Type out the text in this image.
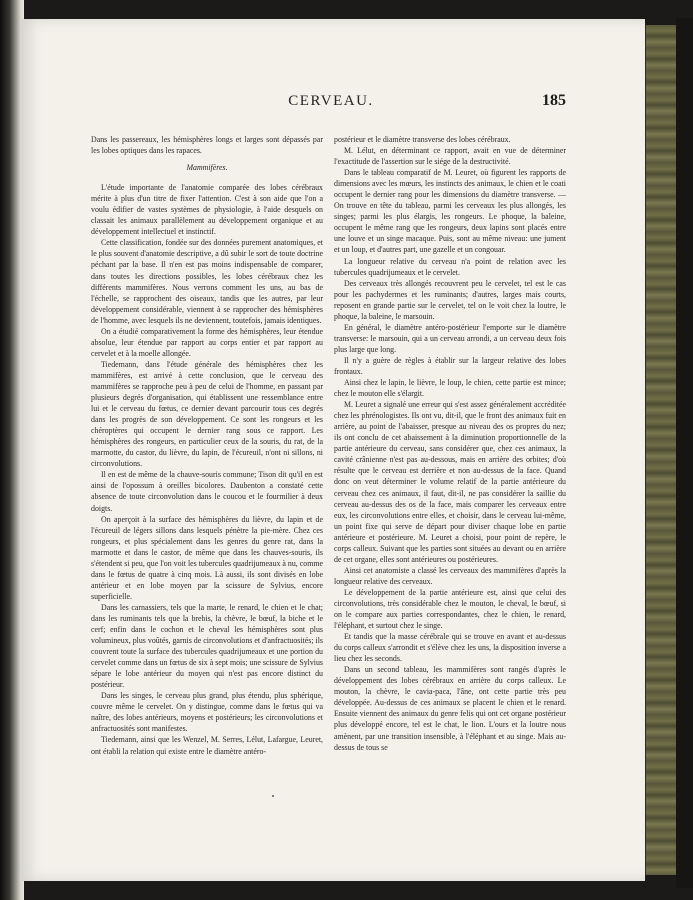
CERVEAU.	185

Dans les passereaux, les hémisphères longs et larges sont dépassés par les lobes optiques dans les rapaces.

Mammifères.

L'étude importante de l'anatomie comparée des lobes cérébraux mérite à plus d'un titre de fixer l'attention. C'est à son aide que l'on a voulu édifier de vastes systèmes de physiologie, à l'aide desquels on classait les animaux parallèlement au développement organique et au développement intellectuel et instinctif.

Cette classification, fondée sur des données purement anatomiques, et le plus souvent d'anatomie descriptive, a dû subir le sort de toute doctrine péchant par la base. Il n'en est pas moins indispensable de comparer, dans toutes les directions possibles, les lobes cérébraux chez les différents mammifères. Nous verrons comment les uns, au bas de l'échelle, se rapprochent des oiseaux, tandis que les autres, par leur développement considérable, viennent à se rapprocher des hémisphères de l'homme, avec lesquels ils ne deviennent, toutefois, jamais identiques.

On a étudié comparativement la forme des hémisphères, leur étendue absolue, leur étendue par rapport au corps entier et par rapport au cervelet et à la moelle allongée.

Tiedemann, dans l'étude générale des hémisphères chez les mammifères, est arrivé à cette conclusion, que le cerveau des mammifères se rapproche peu à peu de celui de l'homme, en passant par plusieurs degrés d'organisation, qui établissent une ressemblance entre lui et le cerveau du fœtus, ce dernier devant parcourir tous ces degrés dans les progrès de son développement. Ce sont les rongeurs et les chéroptères qui occupent le dernier rang sous ce rapport. Les hémisphères des rongeurs, en particulier ceux de la souris, du rat, de la marmotte, du castor, du lièvre, du lapin, de l'écureuil, n'ont ni sillons, ni circonvolutions.

Il en est de même de la chauve-souris commune; Tison dit qu'il en est ainsi de l'opossum à oreilles bicolores. Daubenton a constaté cette absence de toute circonvolution dans le coucou et le fourmilier à deux doigts.

On aperçoit à la surface des hémisphères du lièvre, du lapin et de l'écureuil de légers sillons dans lesquels pénètre la pie-mère. Chez ces rongeurs, et plus spécialement dans les genres du genre rat, dans la marmotte et dans le castor, de même que dans les chauves-souris, ils s'étendent si peu, que l'on voit les tubercules quadrijumeaux à nu, comme dans le fœtus de quatre à cinq mois. Là aussi, ils sont divisés en lobe antérieur et en lobe moyen par la scissure de Sylvius, encore superficielle.

Dans les carnassiers, tels que la marte, le renard, le chien et le chat; dans les ruminants tels que la brebis, la chèvre, le bœuf, la biche et le cerf; enfin dans le cochon et le cheval les hémisphères sont plus volumineux, plus voûtés, garnis de circonvolutions et d'anfractuosités; ils couvrent toute la surface des tubercules quadrijumeaux et une portion du cervelet comme dans un fœtus de six à sept mois; une scissure de Sylvius sépare le lobe antérieur du moyen qui n'est pas encore distinct du postérieur.

Dans les singes, le cerveau plus grand, plus étendu, plus sphérique, couvre même le cervelet. On y distingue, comme dans le fœtus qui va naître, des lobes antérieurs, moyens et postérieurs; les circonvolutions et anfractuosités sont manifestes.

Tiedemann, ainsi que les Wenzel, M. Serres, Lélut, Lafargue, Leuret, ont établi la relation qui existe entre le diamètre antéro-

postérieur et le diamètre transverse des lobes cérébraux.

M. Lélut, en déterminant ce rapport, avait en vue de déterminer l'exactitude de l'assertion sur le siége de la destructivité.

Dans le tableau comparatif de M. Leuret, où figurent les rapports de dimensions avec les mœurs, les instincts des animaux, le chien et le coati occupent le dernier rang pour les dimensions du diamètre transverse. — On trouve en tête du tableau, parmi les cerveaux les plus allongés, les singes; parmi les plus élargis, les rongeurs. Le phoque, la baleine, occupent le même rang que les rongeurs, deux lapins sont placés entre une louve et un singe macaque. Puis, sont au même niveau: une jument et un loup, et d'autres part, une gazelle et un congouar.

La longueur relative du cerveau n'a point de relation avec les tubercules quadrijumeaux et le cervelet.

Des cerveaux très allongés recouvrent peu le cervelet, tel est le cas pour les pachydermes et les ruminants; d'autres, larges mais courts, reposent en grande partie sur le cervelet, tel on le voit chez la loutre, le phoque, la baleine, le marsouin.

En général, le diamètre antéro-postérieur l'emporte sur le diamètre transverse: le marsouin, qui a un cerveau arrondi, a un cerveau deux fois plus large que long.

Il n'y a guère de règles à établir sur la largeur relative des lobes frontaux.

Ainsi chez le lapin, le lièvre, le loup, le chien, cette partie est mince; chez le mouton elle s'élargit.

M. Leuret a signalé une erreur qui s'est assez généralement accréditée chez les phrénologistes. Ils ont vu, dit-il, que le front des animaux fuit en arrière, au point de l'abaisser, presque au niveau des os propres du nez; ils ont conclu de cet abaissement à la diminution proportionnelle de la partie antérieure du cerveau, sans considérer que, chez ces animaux, la cavité crânienne n'est pas au-dessous, mais en arrière des orbites; d'où résulte que le cerveau est derrière et non au-dessus de la face. Quand donc on veut déterminer le volume relatif de la partie antérieure du cerveau chez ces animaux, il faut, dit-il, ne pas considérer la saillie du cerveau au-dessus des os de la face, mais comparer les cerveaux entre eux, les circonvolutions entre elles, et choisir, dans le cerveau lui-même, un point fixe qui serve de départ pour diviser chaque lobe en partie antérieure et postérieure. M. Leuret a choisi, pour point de repère, le corps calleux. Suivant que les parties sont situées au devant ou en arrière de cet organe, elles sont antérieures ou postérieures.

Ainsi cet anatomiste a classé les cerveaux des mammifères d'après la longueur relative des cerveaux.

Le développement de la partie antérieure est, ainsi que celui des circonvolutions, très considérable chez le mouton, le cheval, le bœuf, si on le compare aux parties correspondantes, chez le chien, le renard, l'éléphant, et surtout chez le singe.

Et tandis que la masse cérébrale qui se trouve en avant et au-dessus du corps calleux s'arrondit et s'élève chez les uns, la disposition inverse a lieu chez les seconds.

Dans un second tableau, les mammifères sont rangés d'après le développement des lobes cérébraux en arrière du corps calleux. Le mouton, la chèvre, le cavia-paca, l'âne, ont cette partie très peu développée. Au-dessus de ces animaux se placent le chien et le renard. Ensuite viennent des animaux du genre felis qui ont cet organe postérieur plus développé encore, tel est le chat, le lion. L'ours et la loutre nous amènent, par une transition insensible, à l'éléphant et au singe. Mais au-dessus de tous se
